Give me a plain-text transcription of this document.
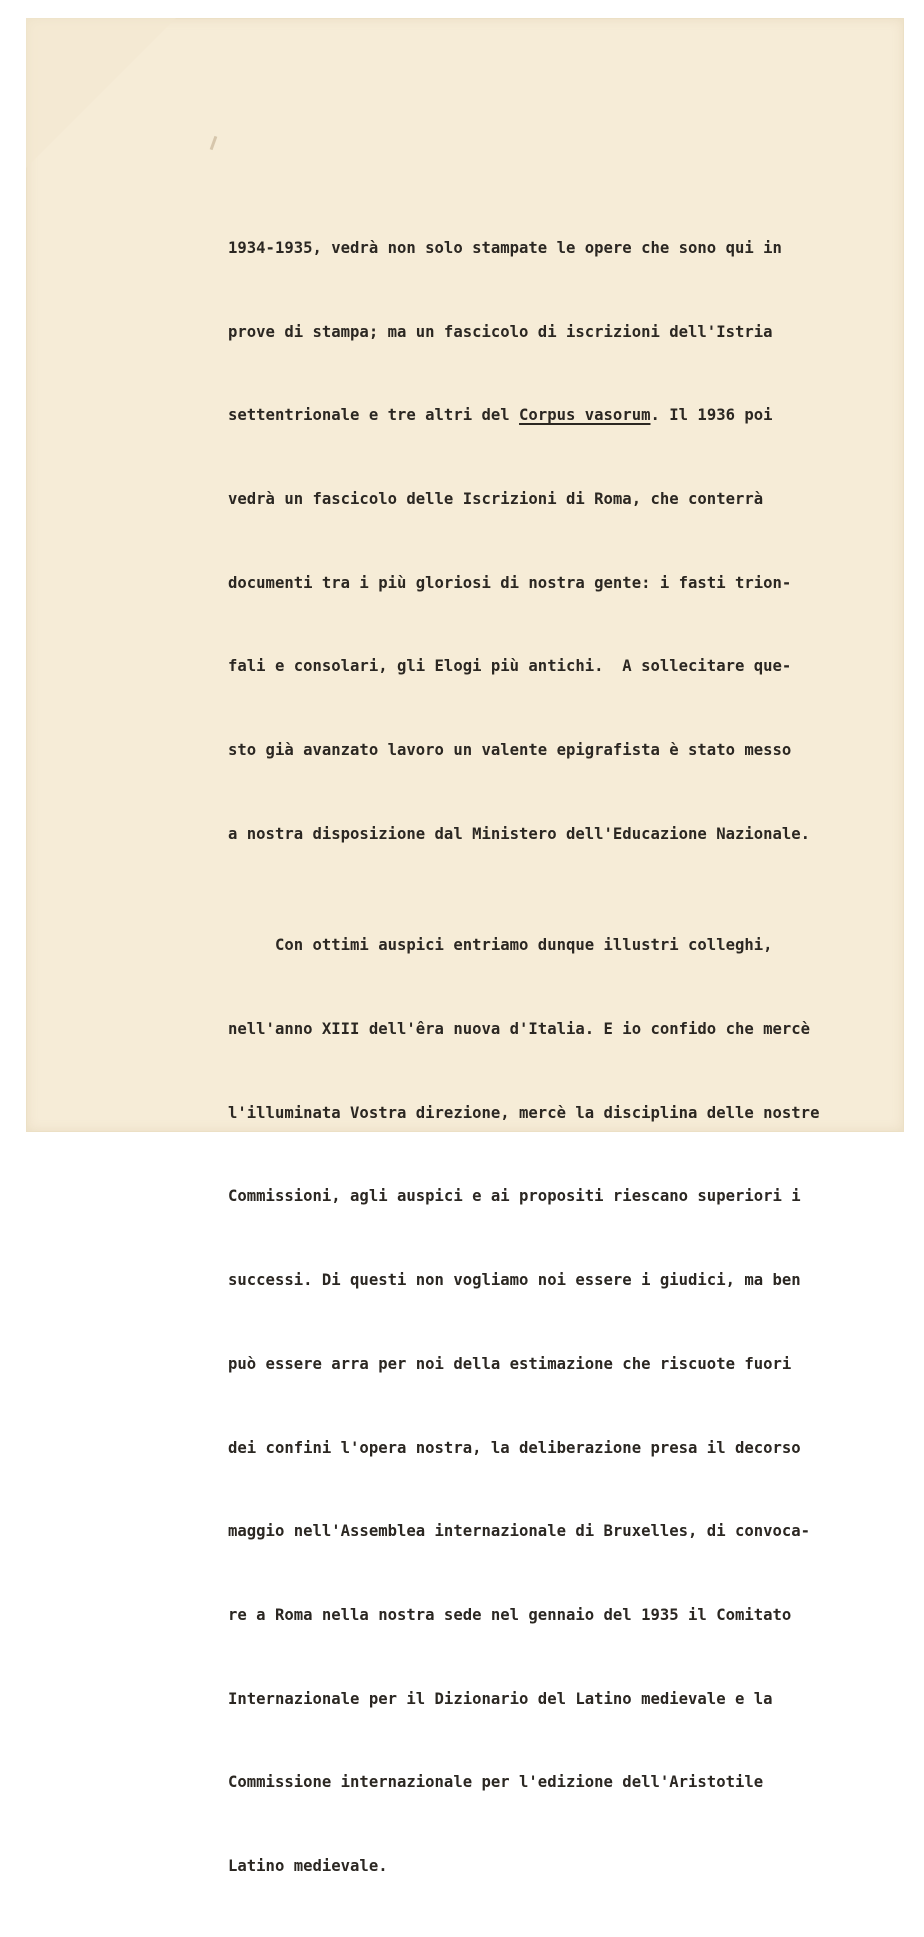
1934-1935, vedrà non solo stampate le opere che sono qui in

prove di stampa; ma un fascicolo di iscrizioni dell'Istria

settentrionale e tre altri del Corpus vasorum. Il 1936 poi

vedrà un fascicolo delle Iscrizioni di Roma, che conterrà

documenti tra i più gloriosi di nostra gente: i fasti trion-

fali e consolari, gli Elogi più antichi.  A sollecitare que-

sto già avanzato lavoro un valente epigrafista è stato messo

a nostra disposizione dal Ministero dell'Educazione Nazionale.

Con ottimi auspici entriamo dunque illustri colleghi,

nell'anno XIII dell'êra nuova d'Italia. E io confido che mercè

l'illuminata Vostra direzione, mercè la disciplina delle nostre

Commissioni, agli auspici e ai propositi riescano superiori i

successi. Di questi non vogliamo noi essere i giudici, ma ben

può essere arra per noi della estimazione che riscuote fuori

dei confini l'opera nostra, la deliberazione presa il decorso

maggio nell'Assemblea internazionale di Bruxelles, di convoca-

re a Roma nella nostra sede nel gennaio del 1935 il Comitato

Internazionale per il Dizionario del Latino medievale e la

Commissione internazionale per l'edizione dell'Aristotile

Latino medievale.
